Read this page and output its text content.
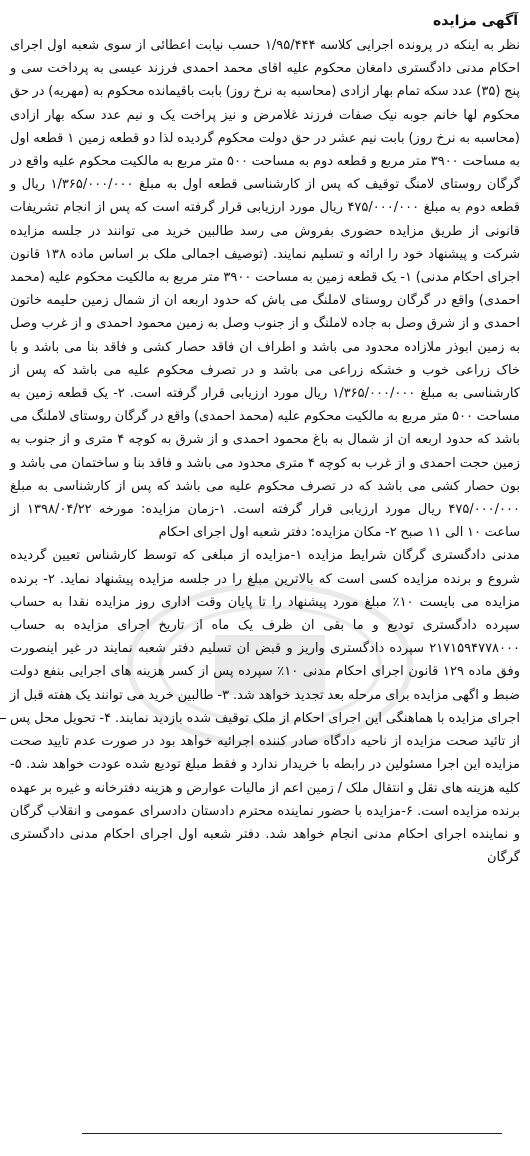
آگهی مزایده

نظر به اینکه در پرونده اجرایی کلاسه ۱/۹۵/۴۴۴ حسب نیابت اعطائی از سوی شعبه اول اجرای احکام مدنی دادگستری دامغان محکوم علیه اقای محمد احمدی فرزند عیسی به پرداخت سی و پنج (۳۵) عدد سکه تمام بهار ازادی (محاسبه به نرخ روز) بابت باقیمانده محکوم به (مهریه) در حق محکوم لها خانم جوبه نیک صفات فرزند غلامرض و نیز پراخت یک و نیم عدد سکه بهار ازادی (محاسبه به نرخ روز) بابت نیم عشر در حق دولت محکوم گردیده لذا دو قطعه زمین ۱ قطعه اول به مساحت ۳۹۰۰ متر مربع و قطعه دوم به مساحت ۵۰۰ متر مربع به مالکیت محکوم علیه واقع در گرگان روستای لامنگ توقیف که پس از کارشناسی قطعه اول به مبلغ ۱/۳۶۵/۰۰۰/۰۰۰ ریال و قطعه دوم به مبلغ ۴۷۵/۰۰۰/۰۰۰ ریال مورد ارزیابی قرار گرفته است که پس از انجام تشریفات قانونی از طریق مزایده حضوری بفروش می رسد طالبین خرید می توانند در جلسه مزایده شرکت و پیشنهاد خود را ارائه و تسلیم نمایند. (توصیف اجمالی ملک بر اساس ماده ۱۳۸ قانون اجرای احکام مدنی) ۱- یک قطعه زمین به مساحت ۳۹۰۰ متر مربع به مالکیت محکوم علیه (محمد احمدی) واقع در گرگان روستای لاملنگ می باش که حدود اربعه ان از شمال زمین حلیمه خاتون احمدی و از شرق وصل به جاده لاملنگ و از جنوب وصل به زمین محمود احمدی و از غرب وصل به زمین ابوذر ملازاده محدود می باشد و اطراف ان فاقد حصار کشی و فاقد بنا می باشد و با خاک زراعی خوب و خشکه زراعی می باشد و در تصرف محکوم علیه می باشد که پس از کارشناسی به مبلغ ۱/۳۶۵/۰۰۰/۰۰۰ ریال مورد ارزیابی قرار گرفته است. ۲- یک قطعه زمین به مساحت ۵۰۰ متر مربع به مالکیت محکوم علیه (محمد احمدی) واقع در گرگان روستای لاملنگ می باشد که حدود اربعه ان از شمال به باغ محمود احمدی و از شرق به کوچه ۴ متری و از جنوب به زمین حجت احمدی و از غرب به کوچه ۴ متری محدود می باشد و فاقد بنا و ساختمان می باشد و بون حصار کشی می باشد که در تصرف محکوم علیه می باشد که پس از کارشناسی به مبلغ ۴۷۵/۰۰۰/۰۰۰ ریال مورد ارزیابی قرار گرفته است. ۱-زمان مزایده: مورخه ۱۳۹۸/۰۴/۲۲ از ساعت ۱۰ الی ۱۱ صبح ۲- مکان مزایده: دفتر شعبه اول اجرای احکام

مدنی دادگستری گرگان شرایط مزایده ۱-مزایده از مبلغی که توسط کارشناس تعیین گردیده شروع و برنده مزایده کسی است که بالاترین مبلغ را در جلسه مزایده پیشنهاد نماید. ۲- برنده مزایده می بایست ۱۰٪ مبلغ مورد پیشنهاد را تا پایان وقت اداری روز مزایده نقدا به حساب سپرده دادگستری تودیع و ما بقی ان ظرف یک ماه از تاریخ اجرای مزایده به حساب ۲۱۷۱۵۹۴۷۷۸۰۰۰ سپرده دادگستری واریز و قبض ان تسلیم دفتر شعبه نمایند در غیر اینصورت وفق ماده ۱۲۹ قانون اجرای احکام مدنی ۱۰٪ سپرده پس از کسر هزینه های اجرایی بنفع دولت ضبط و اگهی مزایده برای مرحله بعد تجدید خواهد شد. ۳- طالبین خرید می توانند یک هفته قبل از اجرای مزایده با هماهنگی این اجرای احکام از ملک توقیف شده بازدید نمایند. ۴- تحویل محل پس از تائید صحت مزایده از ناحیه دادگاه صادر کننده اجرائیه خواهد بود در صورت عدم تایید صحت مزایده این اجرا مسئولین در رابطه با خریدار ندارد و فقط مبلغ تودیع شده عودت خواهد شد. ۵- کلیه هزینه های نقل و انتقال ملک / زمین اعم از مالیات عوارض و هزینه دفترخانه و غیره بر عهده برنده مزایده است. ۶-مزایده با حضور نماینده محترم دادستان دادسرای عمومی و انقلاب گرگان و نماینده اجرای احکام مدنی انجام خواهد شد. دفتر شعبه اول اجرای احکام مدنی دادگستری گرگان
